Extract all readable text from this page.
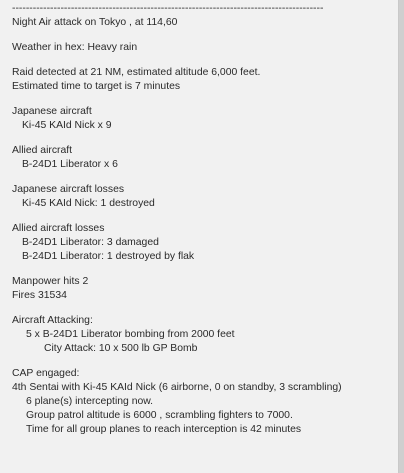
------------------------------------------------------------------------------------------
Night Air attack on Tokyo , at 114,60
Weather in hex: Heavy rain
Raid detected at 21 NM, estimated altitude 6,000 feet.
Estimated time to target is 7 minutes
Japanese aircraft
Ki-45 KAId Nick x 9
Allied aircraft
B-24D1 Liberator x 6
Japanese aircraft losses
Ki-45 KAId Nick: 1 destroyed
Allied aircraft losses
B-24D1 Liberator: 3 damaged
B-24D1 Liberator: 1 destroyed by flak
Manpower hits 2
Fires 31534
Aircraft Attacking:
5 x B-24D1 Liberator bombing from 2000 feet
City Attack: 10 x 500 lb GP Bomb
CAP engaged:
4th Sentai with Ki-45 KAId Nick (6 airborne, 0 on standby, 3 scrambling)
6 plane(s) intercepting now.
Group patrol altitude is 6000 , scrambling fighters to 7000.
Time for all group planes to reach interception is 42 minutes
